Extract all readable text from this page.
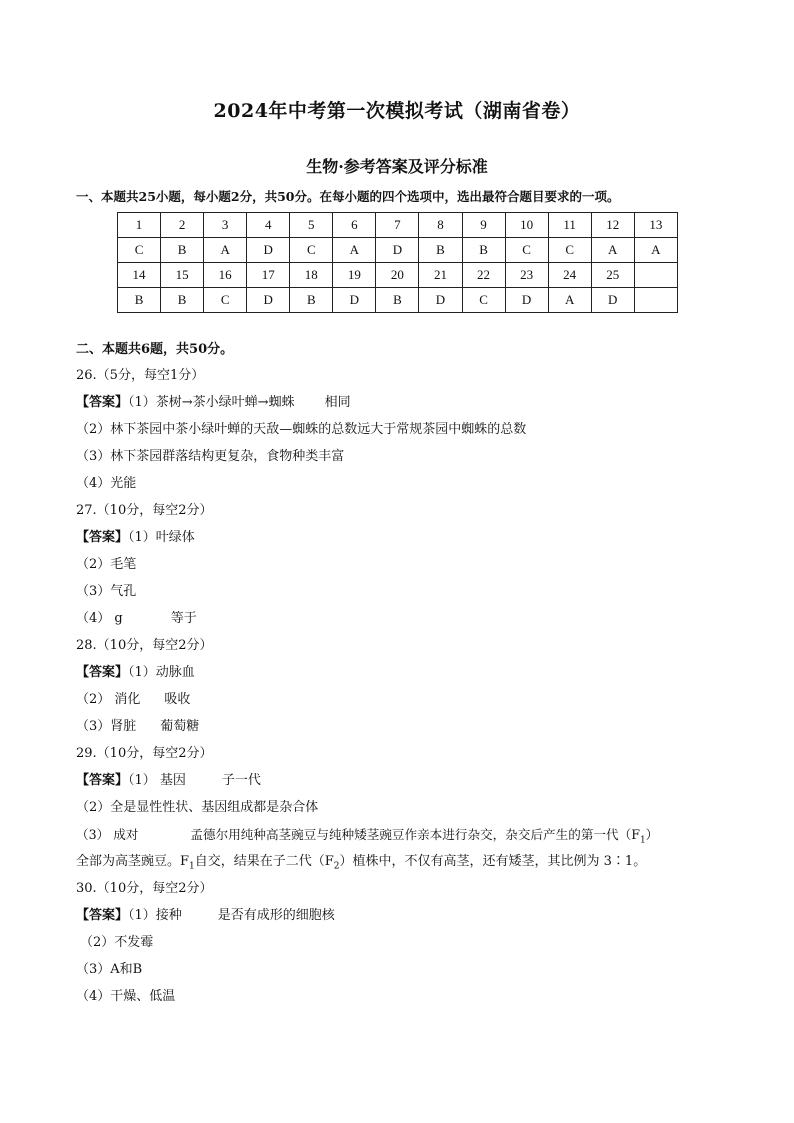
2024年中考第一次模拟考试（湖南省卷）
生物·参考答案及评分标准
一、本题共25小题，每小题2分，共50分。在每小题的四个选项中，选出最符合题目要求的一项。
1	2	3	4	5	6	7	8	9	10	11	12	13
C	B	A	D	C	A	D	B	B	C	C	A	A
14	15	16	17	18	19	20	21	22	23	24	25	
B	B	C	D	B	D	B	D	C	D	A	D	
二、本题共6题，共50分。
26.（5分，每空1分）
【答案】（1）茶树→茶小绿叶蝉→蜘蛛 相同
（2）林下茶园中茶小绿叶蝉的天敌—蜘蛛的总数远大于常规茶园中蜘蛛的总数
（3）林下茶园群落结构更复杂，食物种类丰富
（4）光能
27.（10分，每空2分）
【答案】（1）叶绿体
（2）毛笔
（3）气孔
（4） g	等于
28.（10分，每空2分）
【答案】（1）动脉血
（2） 消化 吸收
（3）肾脏 葡萄糖
29.（10分，每空2分）
【答案】（1） 基因	子一代
（2）全是显性性状、基因组成都是杂合体
（3） 成对	孟德尔用纯种高茎豌豆与纯种矮茎豌豆作亲本进行杂交，杂交后产生的第一代$(F_1)$
全部为高茎豌豆。$F_1$自交，结果在子二代$(F_2)$植株中，不仅有高茎，还有矮茎，其比例为 3∶1。
30.（10分，每空2分）
【答案】（1）接种	是否有成形的细胞核
（2）不发霉
（3）A和B
（4）干燥、低温
